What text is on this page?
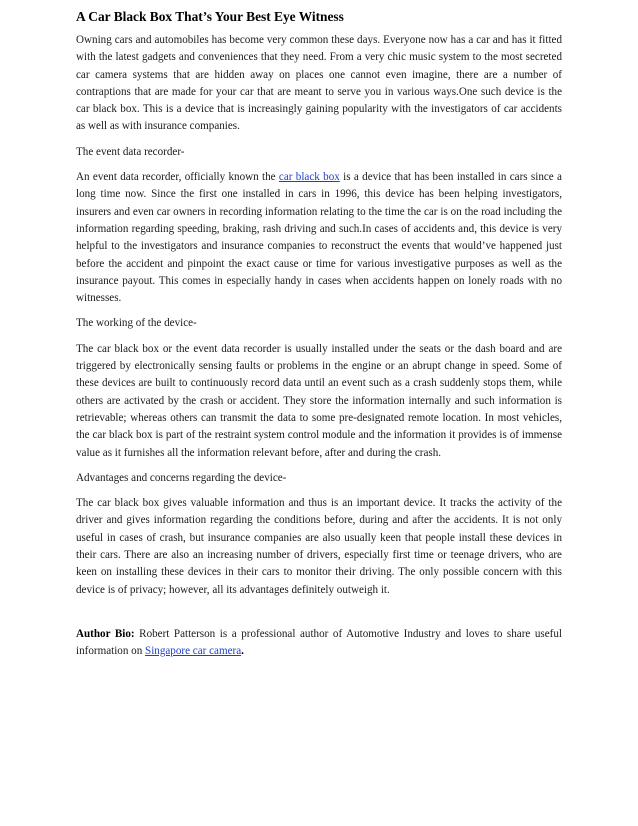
A Car Black Box That’s Your Best Eye Witness

Owning cars and automobiles has become very common these days. Everyone now has a car and has it fitted with the latest gadgets and conveniences that they need. From a very chic music system to the most secreted car camera systems that are hidden away on places one cannot even imagine, there are a number of contraptions that are made for your car that are meant to serve you in various ways.One such device is the car black box. This is a device that is increasingly gaining popularity with the investigators of car accidents as well as with insurance companies.

The event data recorder-

An event data recorder, officially known the car black box is a device that has been installed in cars since a long time now. Since the first one installed in cars in 1996, this device has been helping investigators, insurers and even car owners in recording information relating to the time the car is on the road including the information regarding speeding, braking, rash driving and such.In cases of accidents and, this device is very helpful to the investigators and insurance companies to reconstruct the events that would’ve happened just before the accident and pinpoint the exact cause or time for various investigative purposes as well as the insurance payout. This comes in especially handy in cases when accidents happen on lonely roads with no witnesses.

The working of the device-

The car black box or the event data recorder is usually installed under the seats or the dash board and are triggered by electronically sensing faults or problems in the engine or an abrupt change in speed. Some of these devices are built to continuously record data until an event such as a crash suddenly stops them, while others are activated by the crash or accident. They store the information internally and such information is retrievable; whereas others can transmit the data to some pre-designated remote location. In most vehicles, the car black box is part of the restraint system control module and the information it provides is of immense value as it furnishes all the information relevant before, after and during the crash.

Advantages and concerns regarding the device-

The car black box gives valuable information and thus is an important device. It tracks the activity of the driver and gives information regarding the conditions before, during and after the accidents. It is not only useful in cases of crash, but insurance companies are also usually keen that people install these devices in their cars. There are also an increasing number of drivers, especially first time or teenage drivers, who are keen on installing these devices in their cars to monitor their driving. The only possible concern with this device is of privacy; however, all its advantages definitely outweigh it.

Author Bio: Robert Patterson is a professional author of Automotive Industry and loves to share useful information on Singapore car camera.
